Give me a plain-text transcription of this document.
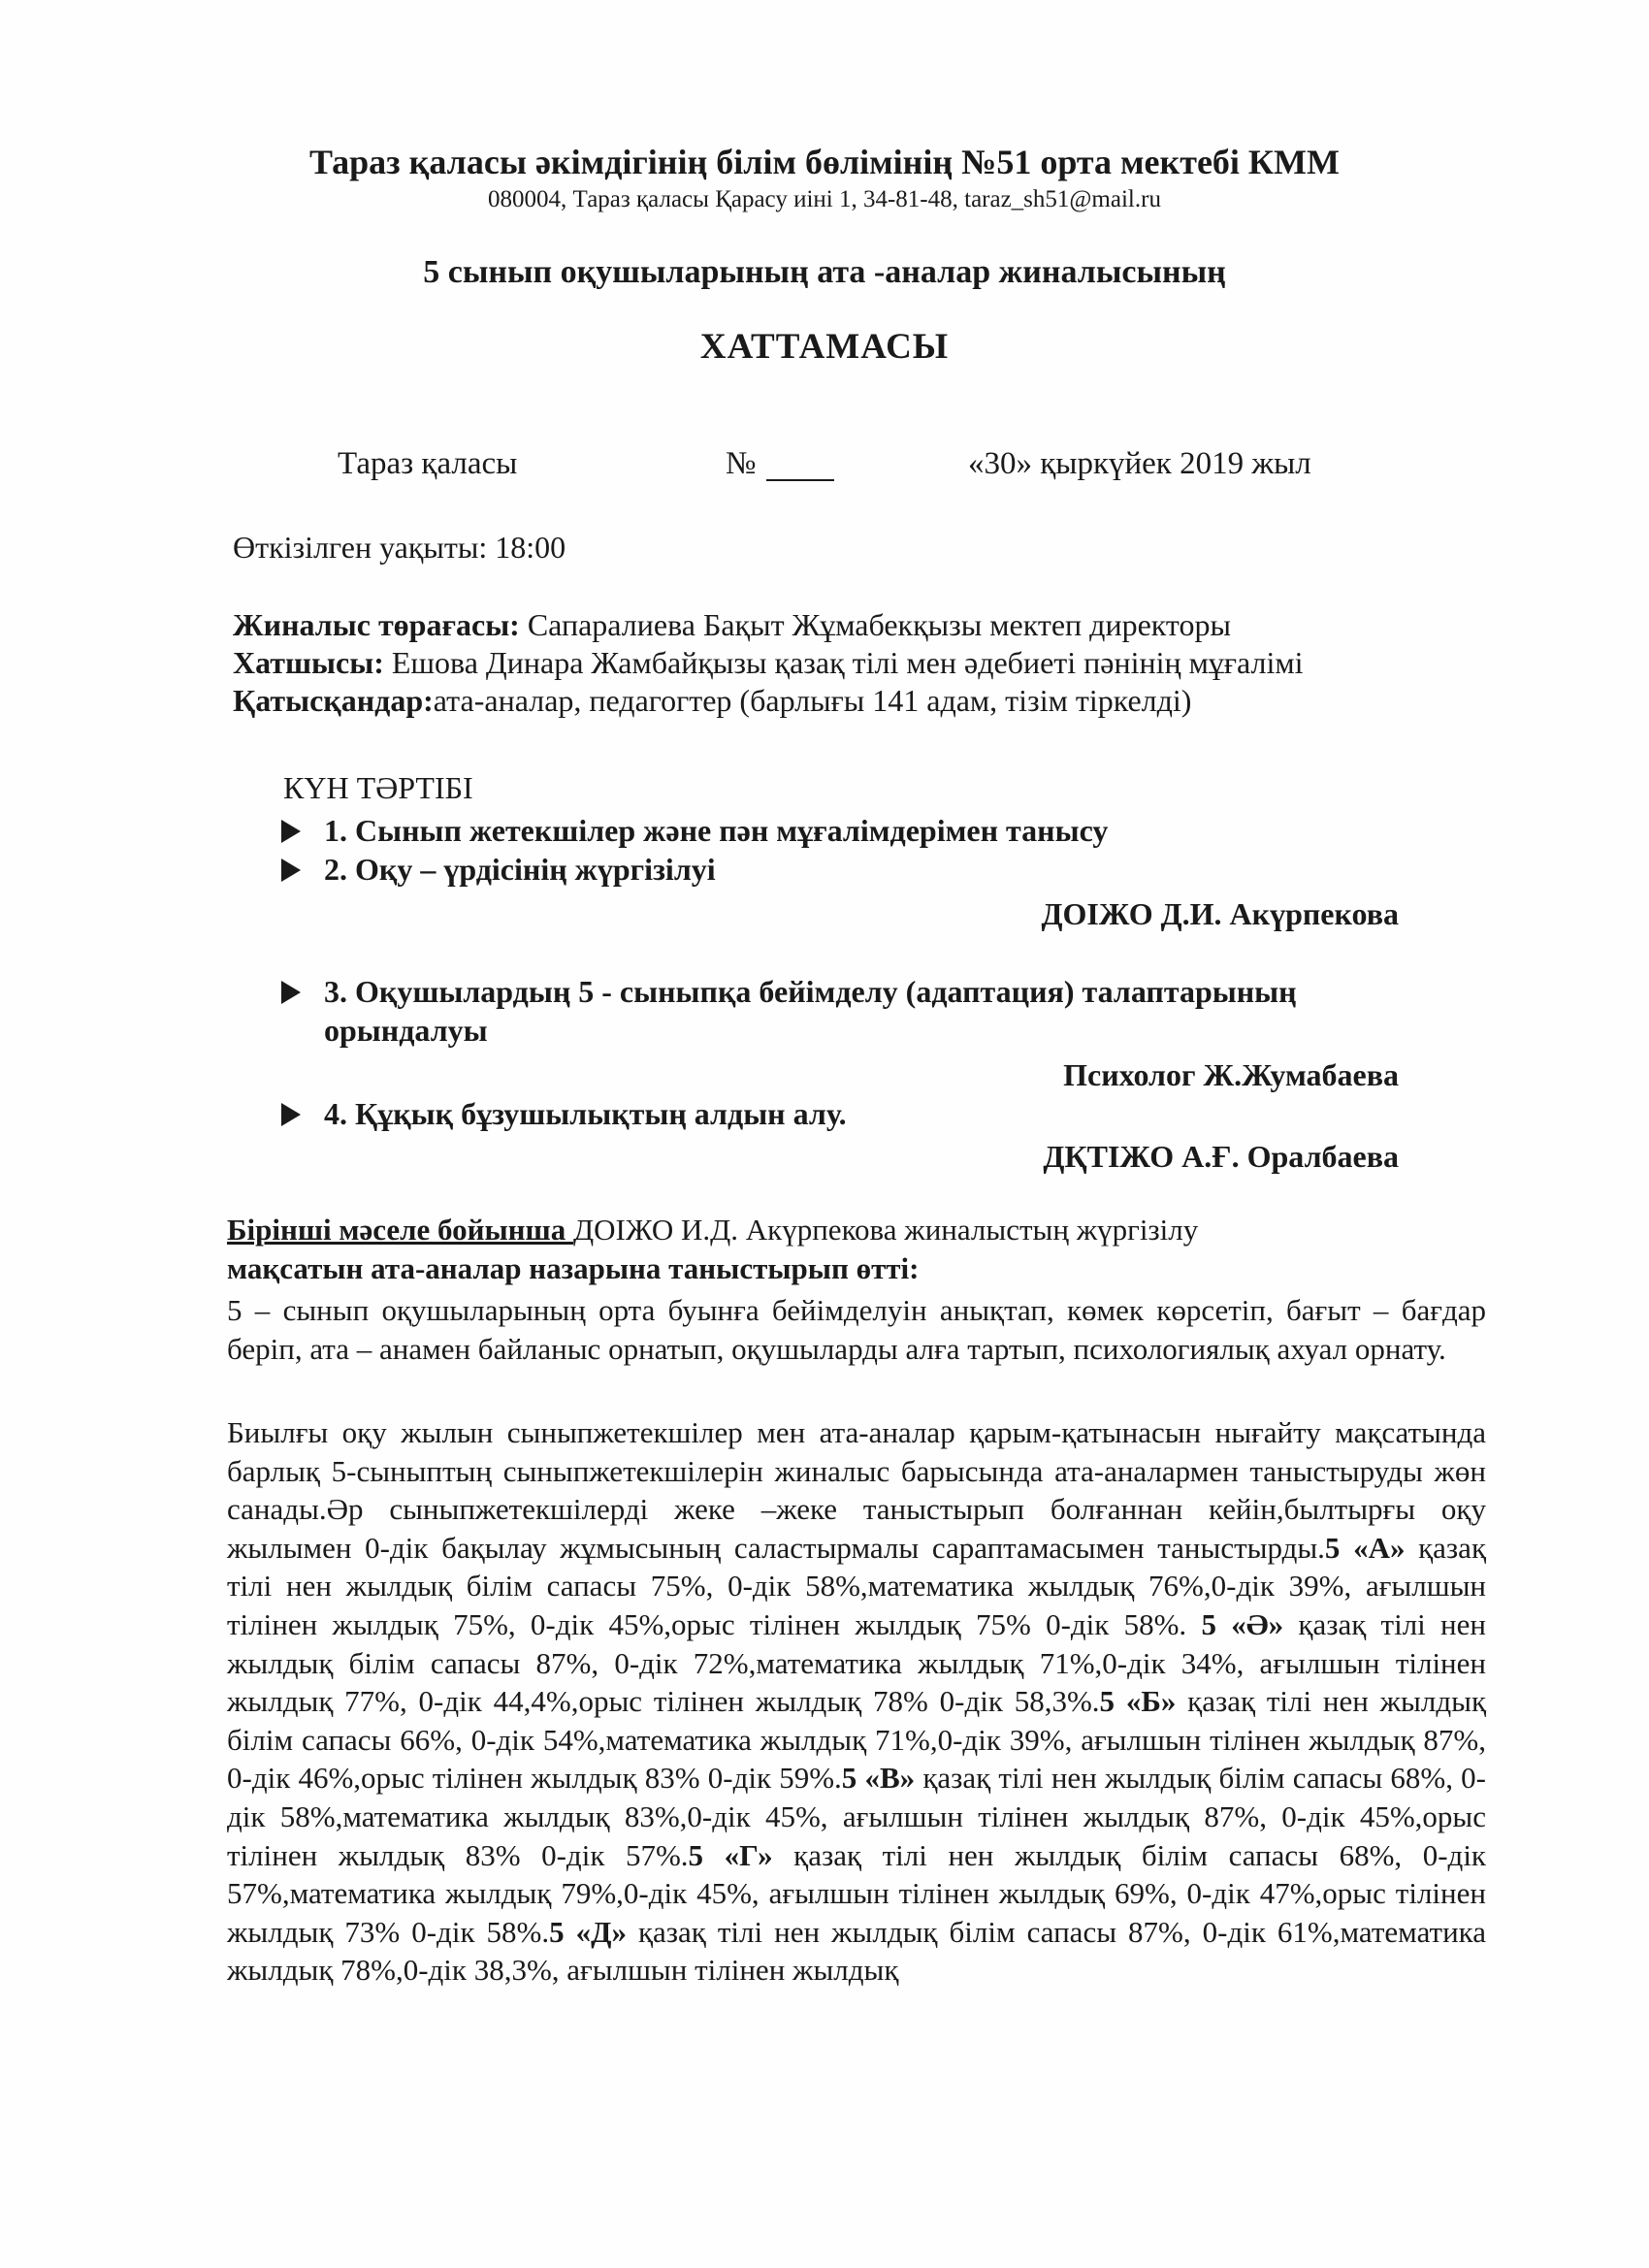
Тараз қаласы әкімдігінің білім бөлімінің №51 орта мектебі КММ
080004, Тараз қаласы Қарасу иіні 1, 34-81-48, taraz_sh51@mail.ru
5 сынып оқушыларының ата -аналар жиналысының
ХАТТАМАСЫ
Тараз қаласы	№	«30» қыркүйек 2019 жыл
Өткізілген уақыты: 18:00
Жиналыс төрағасы: Сапаралиева Бақыт Жұмабекқызы мектеп директоры
Хатшысы: Ешова Динара Жамбайқызы қазақ тілі мен әдебиеті пәнінің мұғалімі
Қатысқандар:ата-аналар, педагогтер (барлығы 141 адам, тізім тіркелді)
КҮН ТӘРТІБІ
1. Сынып жетекшілер және пән мұғалімдерімен танысу
2. Оқу – үрдісінің жүргізілуі
ДОІЖО Д.И. Акүрпекова
3. Оқушылардың 5 - сыныпқа бейімделу (адаптация) талаптарының
орындалуы
Психолог Ж.Жумабаева
4. Құқық бұзушылықтың алдын алу.
ДҚТІЖО А.Ғ. Оралбаева
Бірінші мәселе бойынша ДОІЖО И.Д. Акүрпекова жиналыстың жүргізілу
мақсатын ата-аналар назарына таныстырып өтті:
5 – сынып оқушыларының орта буынға бейімделуін анықтап, көмек көрсетіп, бағыт – бағдар беріп, ата – анамен байланыс орнатып, оқушыларды алға тартып, психологиялық ахуал орнату.
Биылғы оқу жылын сыныпжетекшілер мен ата-аналар қарым-қатынасын нығайту мақсатында барлық 5-сыныптың сыныпжетекшілерін жиналыс барысында ата-аналармен таныстыруды жөн санады.Әр сыныпжетекшілерді жеке –жеке таныстырып болғаннан кейін,былтырғы оқу жылымен 0-дік бақылау жұмысының саластырмалы сараптамасымен таныстырды.5 «А» қазақ тілі нен жылдық білім сапасы 75%, 0-дік 58%,математика жылдық 76%,0-дік 39%, ағылшын тілінен жылдық 75%, 0-дік 45%,орыс тілінен жылдық 75% 0-дік 58%. 5 «Ә» қазақ тілі нен жылдық білім сапасы 87%, 0-дік 72%,математика жылдық 71%,0-дік 34%, ағылшын тілінен жылдық 77%, 0-дік 44,4%,орыс тілінен жылдық 78% 0-дік 58,3%.5 «Б» қазақ тілі нен жылдық білім сапасы 66%, 0-дік 54%,математика жылдық 71%,0-дік 39%, ағылшын тілінен жылдық 87%, 0-дік 46%,орыс тілінен жылдық 83% 0-дік 59%.5 «В» қазақ тілі нен жылдық білім сапасы 68%, 0-дік 58%,математика жылдық 83%,0-дік 45%, ағылшын тілінен жылдық 87%, 0-дік 45%,орыс тілінен жылдық 83% 0-дік 57%.5 «Г» қазақ тілі нен жылдық білім сапасы 68%, 0-дік 57%,математика жылдық 79%,0-дік 45%, ағылшын тілінен жылдық 69%, 0-дік 47%,орыс тілінен жылдық 73% 0-дік 58%.5 «Д» қазақ тілі нен жылдық білім сапасы 87%, 0-дік 61%,математика жылдық 78%,0-дік 38,3%, ағылшын тілінен жылдық
